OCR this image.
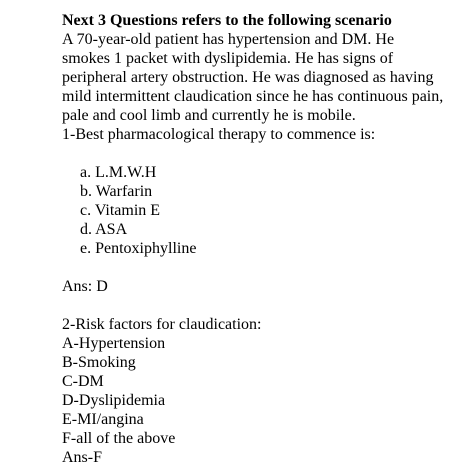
Next 3 Questions refers to the following scenario
A 70-year-old patient has hypertension and DM. He
smokes 1 packet with dyslipidemia. He has signs of
peripheral artery obstruction. He was diagnosed as having
mild intermittent claudication since he has continuous pain,
pale and cool limb and currently he is mobile.
1-Best pharmacological therapy to commence is:
a. L.M.W.H
b. Warfarin
c. Vitamin E
d. ASA
e. Pentoxiphylline
Ans: D
2-Risk factors for claudication:
A-Hypertension
B-Smoking
C-DM
D-Dyslipidemia
E-MI/angina
F-all of the above
Ans-F
